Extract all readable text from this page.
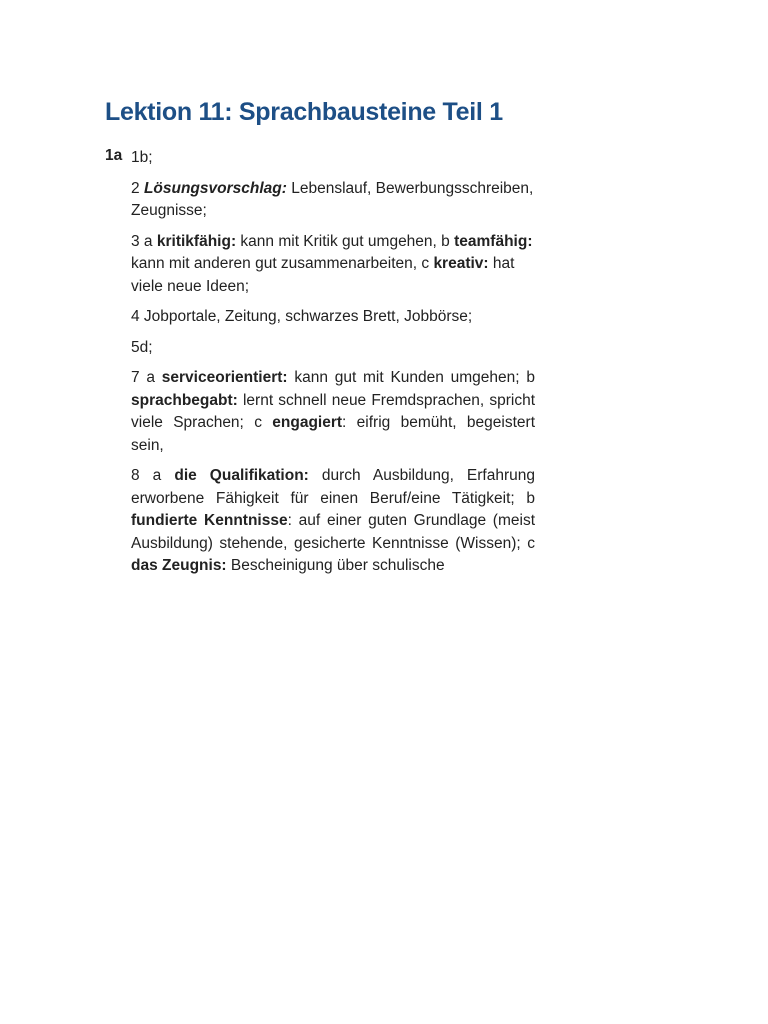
Lektion 11: Sprachbausteine Teil 1
1a 1b;

2 Lösungsvorschlag: Lebenslauf, Bewerbungsschreiben, Zeugnisse;

3 a kritikfähig: kann mit Kritik gut umgehen, b teamfähig: kann mit anderen gut zusammenarbeiten, c kreativ: hat viele neue Ideen;

4 Jobportale, Zeitung, schwarzes Brett, Jobbörse;

5d;

7 a serviceorientiert: kann gut mit Kunden umgehen; b sprachbegabt: lernt schnell neue Fremdsprachen, spricht viele Sprachen; c engagiert: eifrig bemüht, begeistert sein,

8 a die Qualifikation: durch Ausbildung, Erfahrung erworbene Fähigkeit für einen Beruf/eine Tätigkeit; b fundierte Kenntnisse: auf einer guten Grundlage (meist Ausbildung) stehende, gesicherte Kenntnisse (Wissen); c das Zeugnis: Bescheinigung über schulische
